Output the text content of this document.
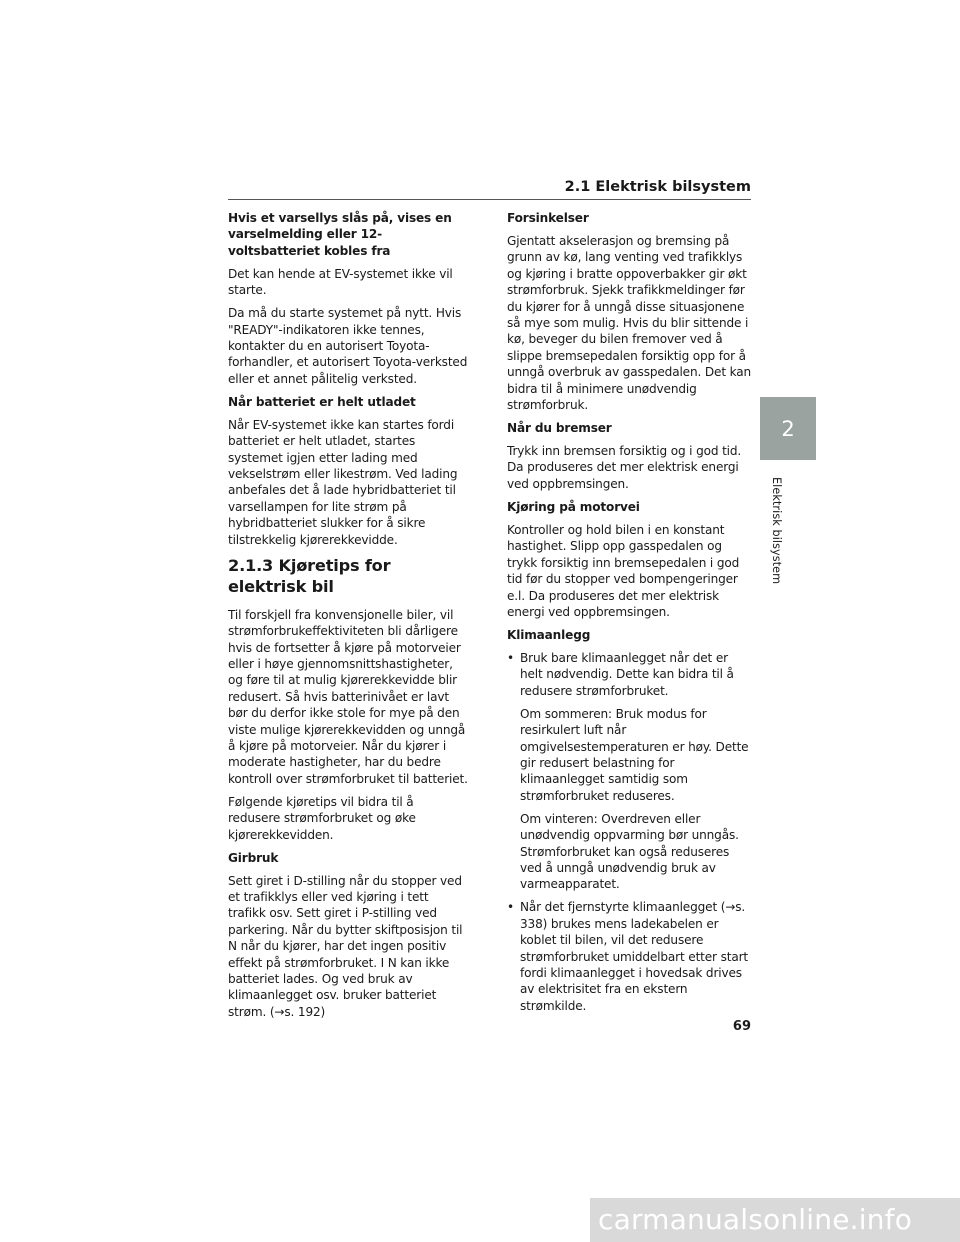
2.1 Elektrisk bilsystem

Hvis et varsellys slås på, vises en varselmelding eller 12-voltsbatteriet kobles fra

Det kan hende at EV-systemet ikke vil starte.

Da må du starte systemet på nytt. Hvis "READY"-indikatoren ikke tennes, kontakter du en autorisert Toyota-forhandler, et autorisert Toyota-verksted eller et annet pålitelig verksted.

Når batteriet er helt utladet

Når EV-systemet ikke kan startes fordi batteriet er helt utladet, startes systemet igjen etter lading med vekselstrøm eller likestrøm. Ved lading anbefales det å lade hybridbatteriet til varsellampen for lite strøm på hybridbatteriet slukker for å sikre tilstrekkelig kjørerekkevidde.

2.1.3 Kjøretips for elektrisk bil

Til forskjell fra konvensjonelle biler, vil strømforbrukeffektiviteten bli dårligere hvis de fortsetter å kjøre på motorveier eller i høye gjennomsnittshastigheter, og føre til at mulig kjørerekkevidde blir redusert. Så hvis batterinivået er lavt bør du derfor ikke stole for mye på den viste mulige kjørerekkevidden og unngå å kjøre på motorveier. Når du kjører i moderate hastigheter, har du bedre kontroll over strømforbruket til batteriet.

Følgende kjøretips vil bidra til å redusere strømforbruket og øke kjørerekkevidden.

Girbruk

Sett giret i D-stilling når du stopper ved et trafikklys eller ved kjøring i tett trafikk osv. Sett giret i P-stilling ved parkering. Når du bytter skiftposisjon til N når du kjører, har det ingen positiv effekt på strømforbruket. I N kan ikke batteriet lades. Og ved bruk av klimaanlegget osv. bruker batteriet strøm. (→s. 192)

Forsinkelser

Gjentatt akselerasjon og bremsing på grunn av kø, lang venting ved trafikklys og kjøring i bratte oppoverbakker gir økt strømforbruk. Sjekk trafikkmeldinger før du kjører for å unngå disse situasjonene så mye som mulig. Hvis du blir sittende i kø, beveger du bilen fremover ved å slippe bremsepedalen forsiktig opp for å unngå overbruk av gasspedalen. Det kan bidra til å minimere unødvendig strømforbruk.

Når du bremser

Trykk inn bremsen forsiktig og i god tid. Da produseres det mer elektrisk energi ved oppbremsingen.

Kjøring på motorvei

Kontroller og hold bilen i en konstant hastighet. Slipp opp gasspedalen og trykk forsiktig inn bremsepedalen i god tid før du stopper ved bompengeringer e.l. Da produseres det mer elektrisk energi ved oppbremsingen.

Klimaanlegg

• Bruk bare klimaanlegget når det er helt nødvendig. Dette kan bidra til å redusere strømforbruket.

Om sommeren: Bruk modus for resirkulert luft når omgivelsestemperaturen er høy. Dette gir redusert belastning for klimaanlegget samtidig som strømforbruket reduseres.

Om vinteren: Overdreven eller unødvendig oppvarming bør unngås. Strømforbruket kan også reduseres ved å unngå unødvendig bruk av varmeapparatet.

• Når det fjernstyrte klimaanlegget (→s. 338) brukes mens ladekabelen er koblet til bilen, vil det redusere strømforbruket umiddelbart etter start fordi klimaanlegget i hovedsak drives av elektrisitet fra en ekstern strømkilde.

2
Elektrisk bilsystem
69
carmanualsonline.info
